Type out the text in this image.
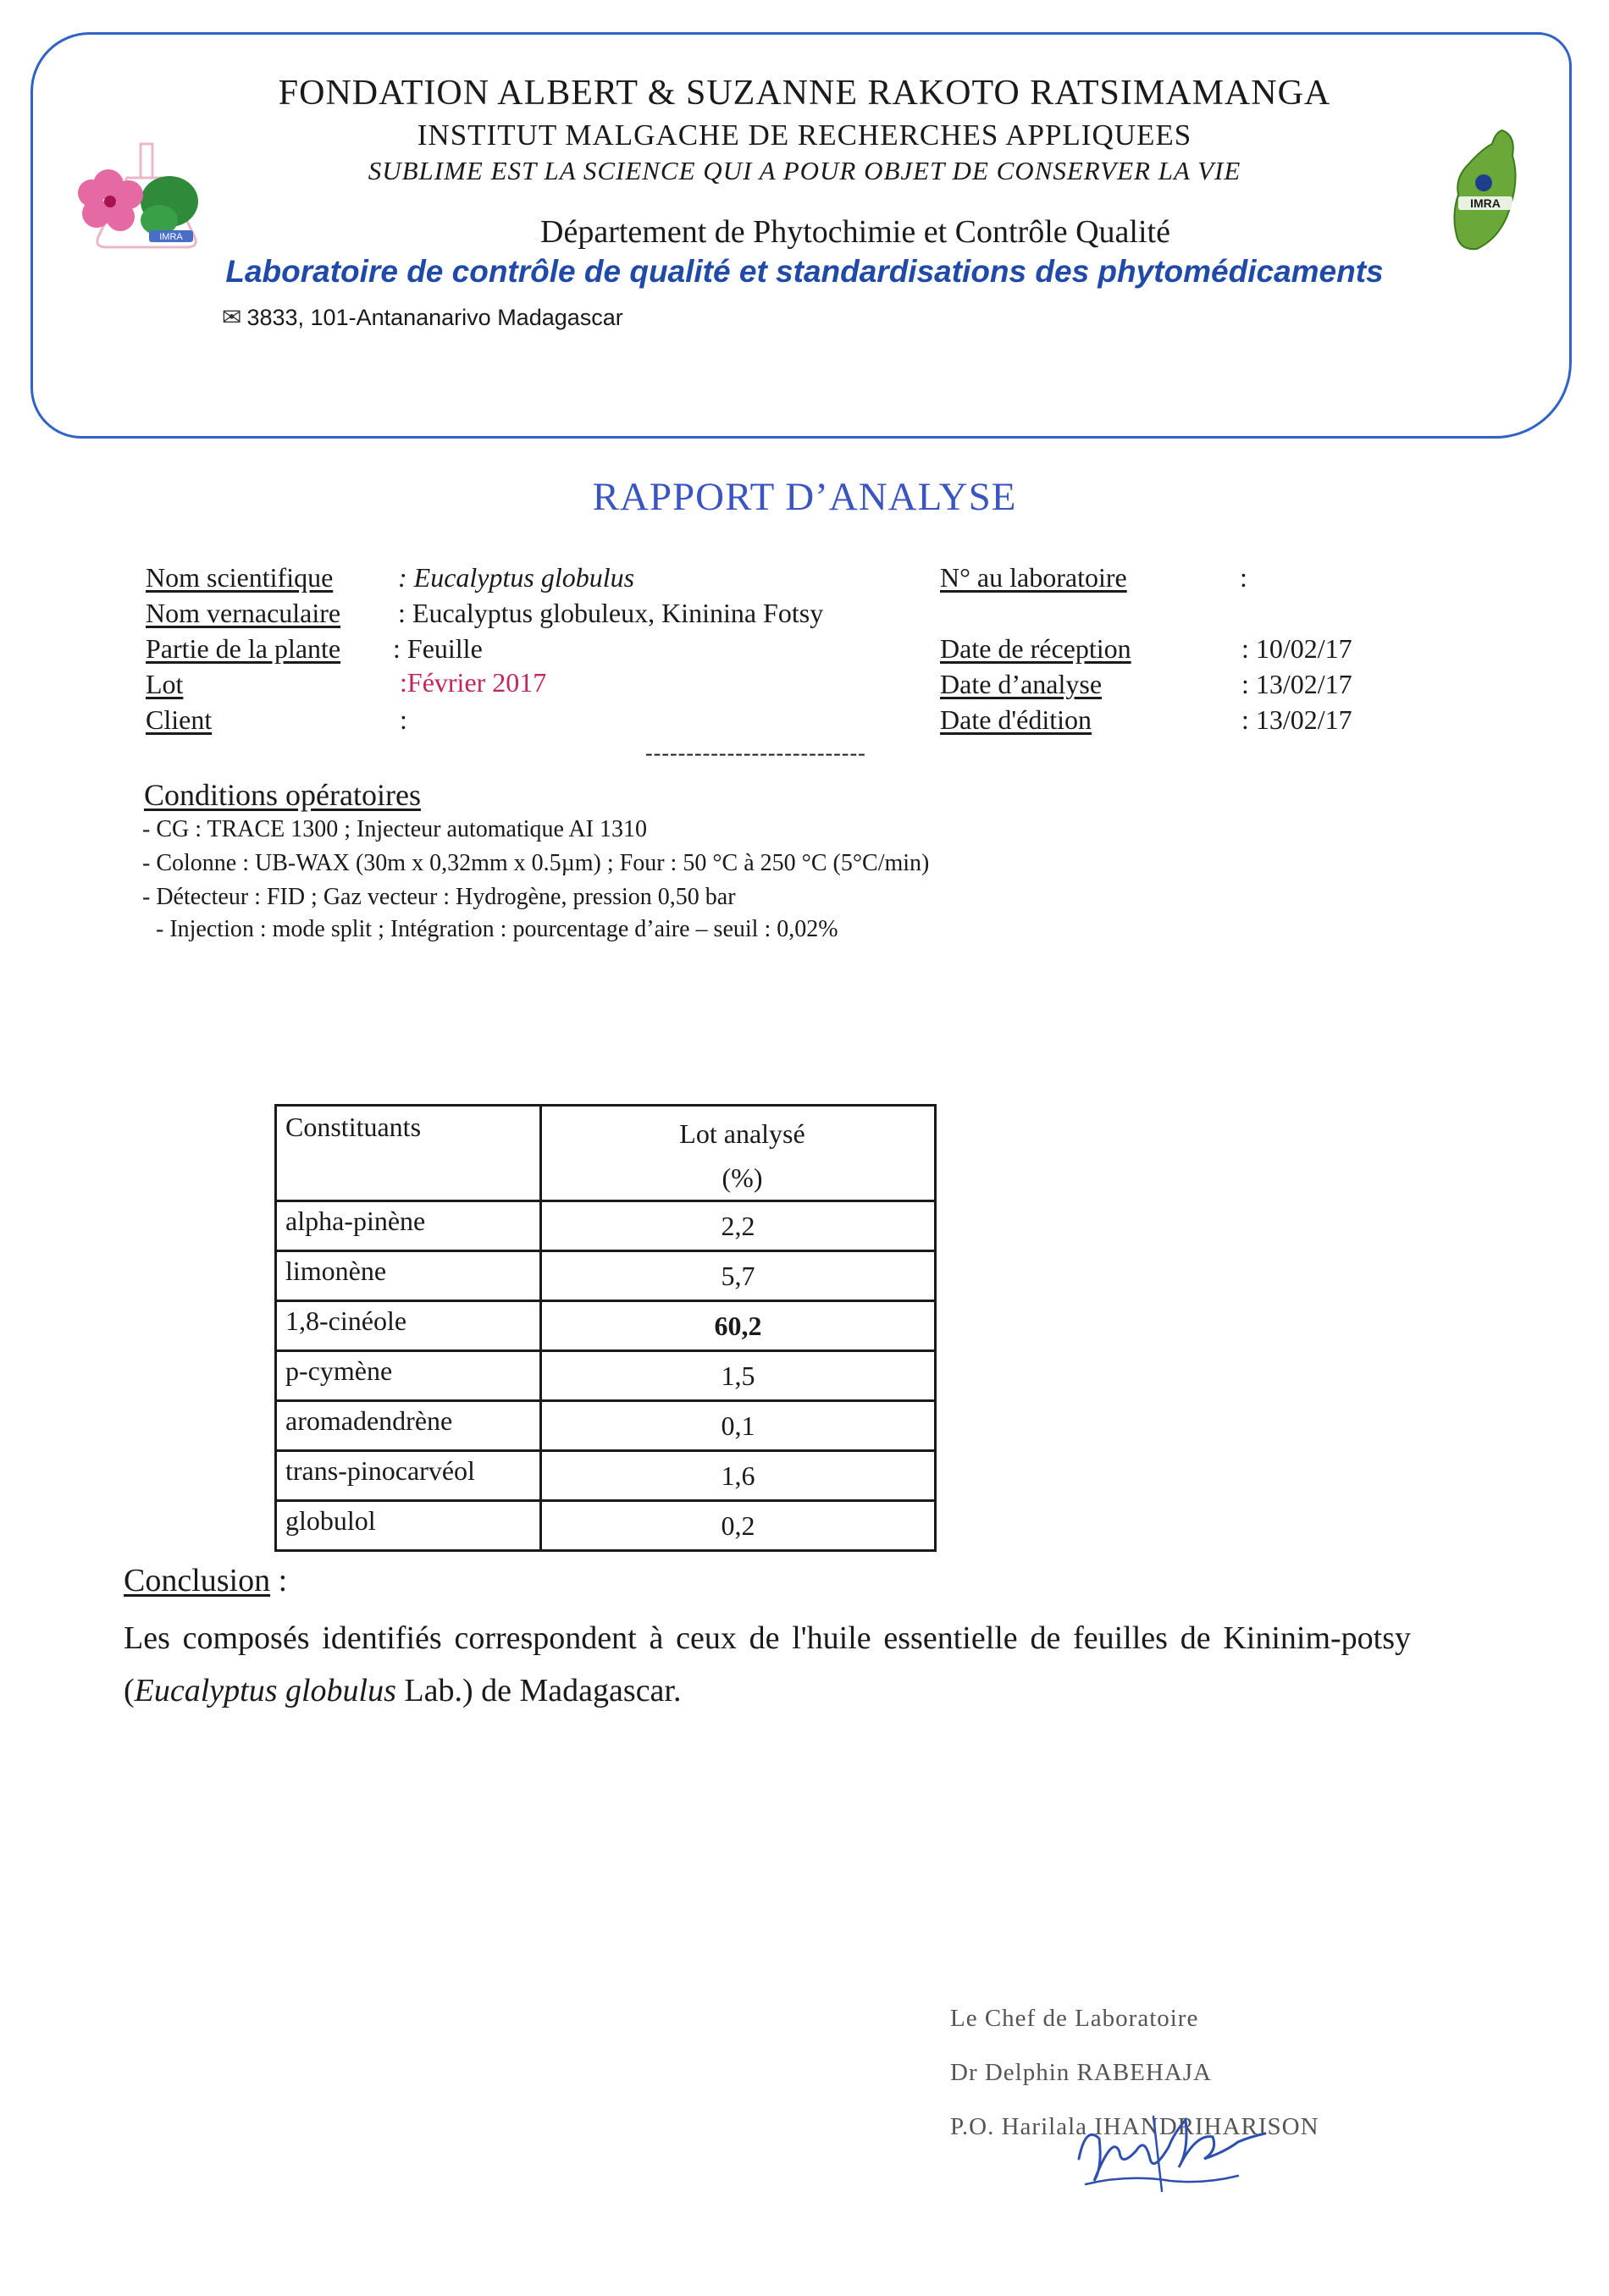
IMRA
IMRA
FONDATION ALBERT & SUZANNE RAKOTO RATSIMAMANGA
INSTITUT MALGACHE DE RECHERCHES APPLIQUEES
SUBLIME EST LA SCIENCE QUI A POUR OBJET DE CONSERVER LA VIE
Département de Phytochimie et Contrôle Qualité
Laboratoire de contrôle de qualité et standardisations des phytomédicaments
✉ 3833, 101-Antananarivo Madagascar
RAPPORT D’ANALYSE
Nom scientifique : Eucalyptus globulus
Nom vernaculaire : Eucalyptus globuleux, Kininina Fotsy
Partie de la plante : Feuille
Lot	:Février 2017
Client	:
N° au laboratoire	:
Date de réception	: 10/02/17
Date d’analyse	: 13/02/17
Date d'édition	: 13/02/17
---------------------------
Conditions opératoires
- CG : TRACE 1300 ; Injecteur automatique AI 1310
- Colonne : UB-WAX (30m x 0,32mm x 0.5µm) ; Four : 50 °C à 250 °C (5°C/min)
- Détecteur : FID ; Gaz vecteur : Hydrogène, pression 0,50 bar
- Injection : mode split ; Intégration : pourcentage d’aire – seuil : 0,02%
Constituants	Lot analysé
(%)
alpha-pinène	2,2
limonène	5,7
1,8-cinéole	60,2
p-cymène	1,5
aromadendrène	0,1
trans-pinocarvéol	1,6
globulol	0,2
Conclusion :
Les composés identifiés correspondent à ceux de l'huile essentielle de feuilles de Kininim-potsy (Eucalyptus globulus Lab.) de Madagascar.
Le Chef de Laboratoire
Dr Delphin RABEHAJA
P.O. Harilala IHANDRIHARISON
